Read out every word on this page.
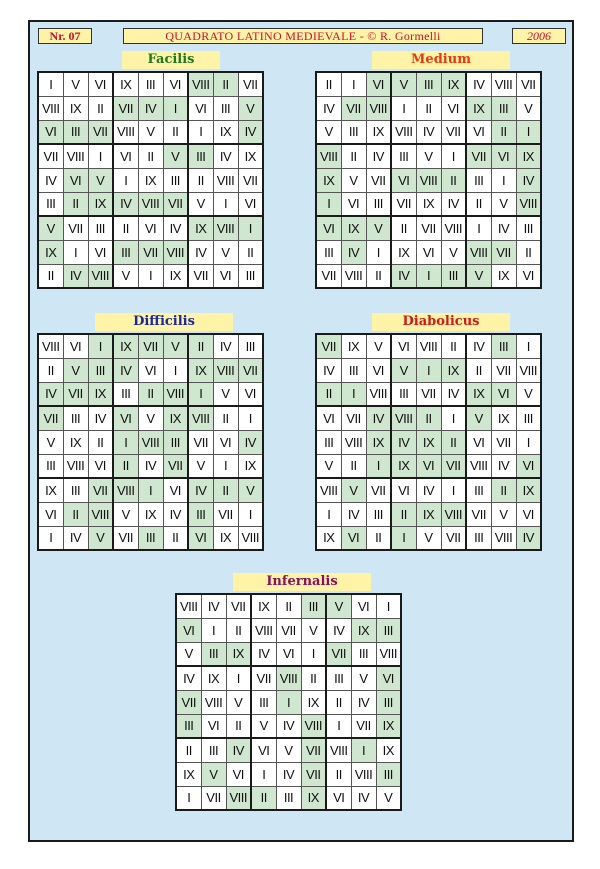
Nr. 07	QUADRATO LATINO MEDIEVALE - © R. Gormelli	2006
Facilis
I	V	VI	IX	III	VI	VIII	II	VII
VIII	IX	II	VII	IV	I	VI	III	V
VI	III	VII	VIII	V	II	I	IX	IV
VII	VIII	I	VI	II	V	III	IV	IX
IV	VI	V	I	IX	III	II	VIII	VII
III	II	IX	IV	VIII	VII	V	I	VI
V	VII	III	II	VI	IV	IX	VIII	I
IX	I	VI	III	VII	VIII	IV	V	II
II	IV	VIII	V	I	IX	VII	VI	III
Medium
II	I	VI	V	III	IX	IV	VIII	VII
IV	VII	VIII	I	II	VI	IX	III	V
V	III	IX	VIII	IV	VII	VI	II	I
VIII	II	IV	III	V	I	VII	VI	IX
IX	V	VII	VI	VIII	II	III	I	IV
I	VI	III	VII	IX	IV	II	V	VIII
VI	IX	V	II	VII	VIII	I	IV	III
III	IV	I	IX	VI	V	VIII	VII	II
VII	VIII	II	IV	I	III	V	IX	VI
Difficilis
VIII	VI	I	IX	VII	V	II	IV	III
II	V	III	IV	VI	I	IX	VIII	VII
IV	VII	IX	III	II	VIII	I	V	VI
VII	III	IV	VI	V	IX	VIII	II	I
V	IX	II	I	VIII	III	VII	VI	IV
III	VIII	VI	II	IV	VII	V	I	IX
IX	III	VII	VIII	I	VI	IV	II	V
VI	II	VIII	V	IX	IV	III	VII	I
I	IV	V	VII	III	II	VI	IX	VIII
Diabolicus
VII	IX	V	VI	VIII	II	IV	III	I
IV	III	VI	V	I	IX	II	VII	VIII
II	I	VIII	III	VII	IV	IX	VI	V
VI	VII	IV	VIII	II	I	V	IX	III
III	VIII	IX	IV	IX	II	VI	VII	I
V	II	I	IX	VI	VII	VIII	IV	VI
VIII	V	VII	VI	IV	I	III	II	IX
I	IV	III	II	IX	VIII	VII	V	VI
IX	VI	II	I	V	VII	III	VIII	IV
Infernalis
VIII	IV	VII	IX	II	III	V	VI	I
VI	I	II	VIII	VII	V	IV	IX	III
V	III	IX	IV	VI	I	VII	III	VIII
IV	IX	I	VII	VIII	II	III	V	VI
VII	VIII	V	III	I	IX	II	IV	III
III	VI	II	V	IV	VIII	I	VII	IX
II	III	IV	VI	V	VII	VIII	I	IX
IX	V	VI	I	IV	VII	II	VIII	III
I	VII	VIII	II	III	IX	VI	IV	V
